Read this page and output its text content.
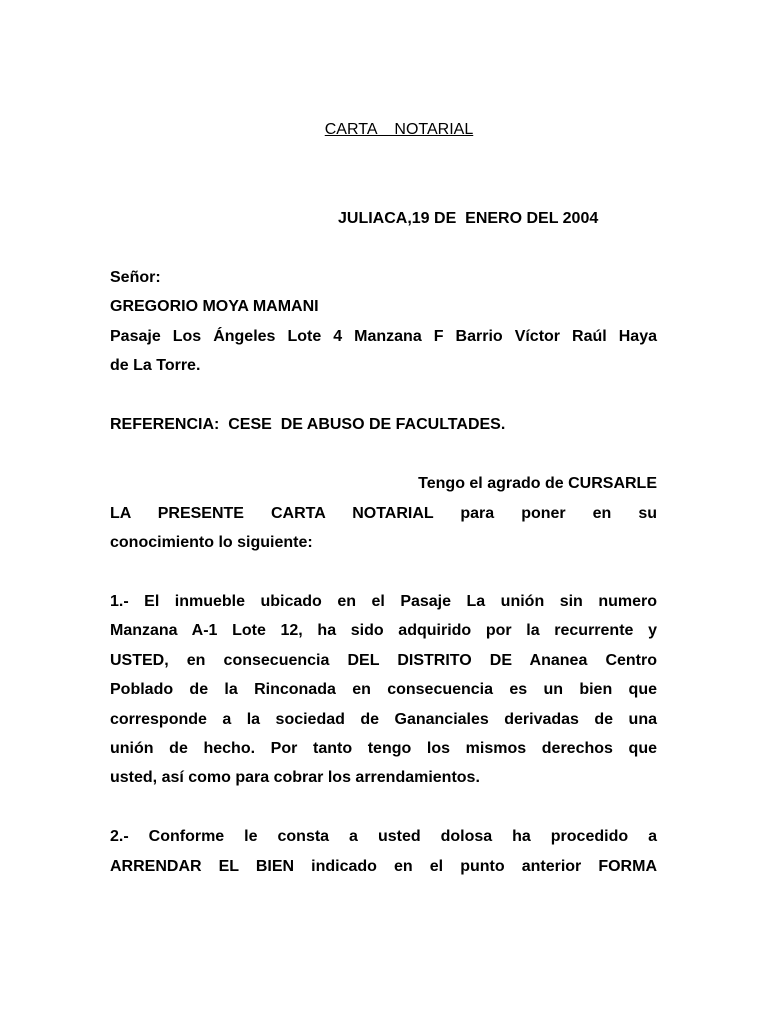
CARTA    NOTARIAL
JULIACA,19 DE  ENERO DEL 2004
Señor:
GREGORIO MOYA MAMANI
Pasaje Los Ángeles Lote 4 Manzana F Barrio Víctor Raúl Haya
de La Torre.
REFERENCIA:  CESE  DE ABUSO DE FACULTADES.
Tengo el agrado de CURSARLE
LA PRESENTE CARTA NOTARIAL para poner en su
conocimiento lo siguiente:
1.- El inmueble ubicado en el Pasaje La unión sin numero
Manzana A-1 Lote 12, ha sido adquirido por la recurrente y
USTED, en consecuencia DEL DISTRITO DE Ananea Centro
Poblado de la Rinconada en consecuencia es un bien que
corresponde a la sociedad de Gananciales derivadas de una
unión de hecho. Por tanto tengo los mismos derechos que
usted, así como para cobrar los arrendamientos.
2.- Conforme le consta a usted dolosa ha procedido a
ARRENDAR EL BIEN indicado en el punto anterior FORMA
